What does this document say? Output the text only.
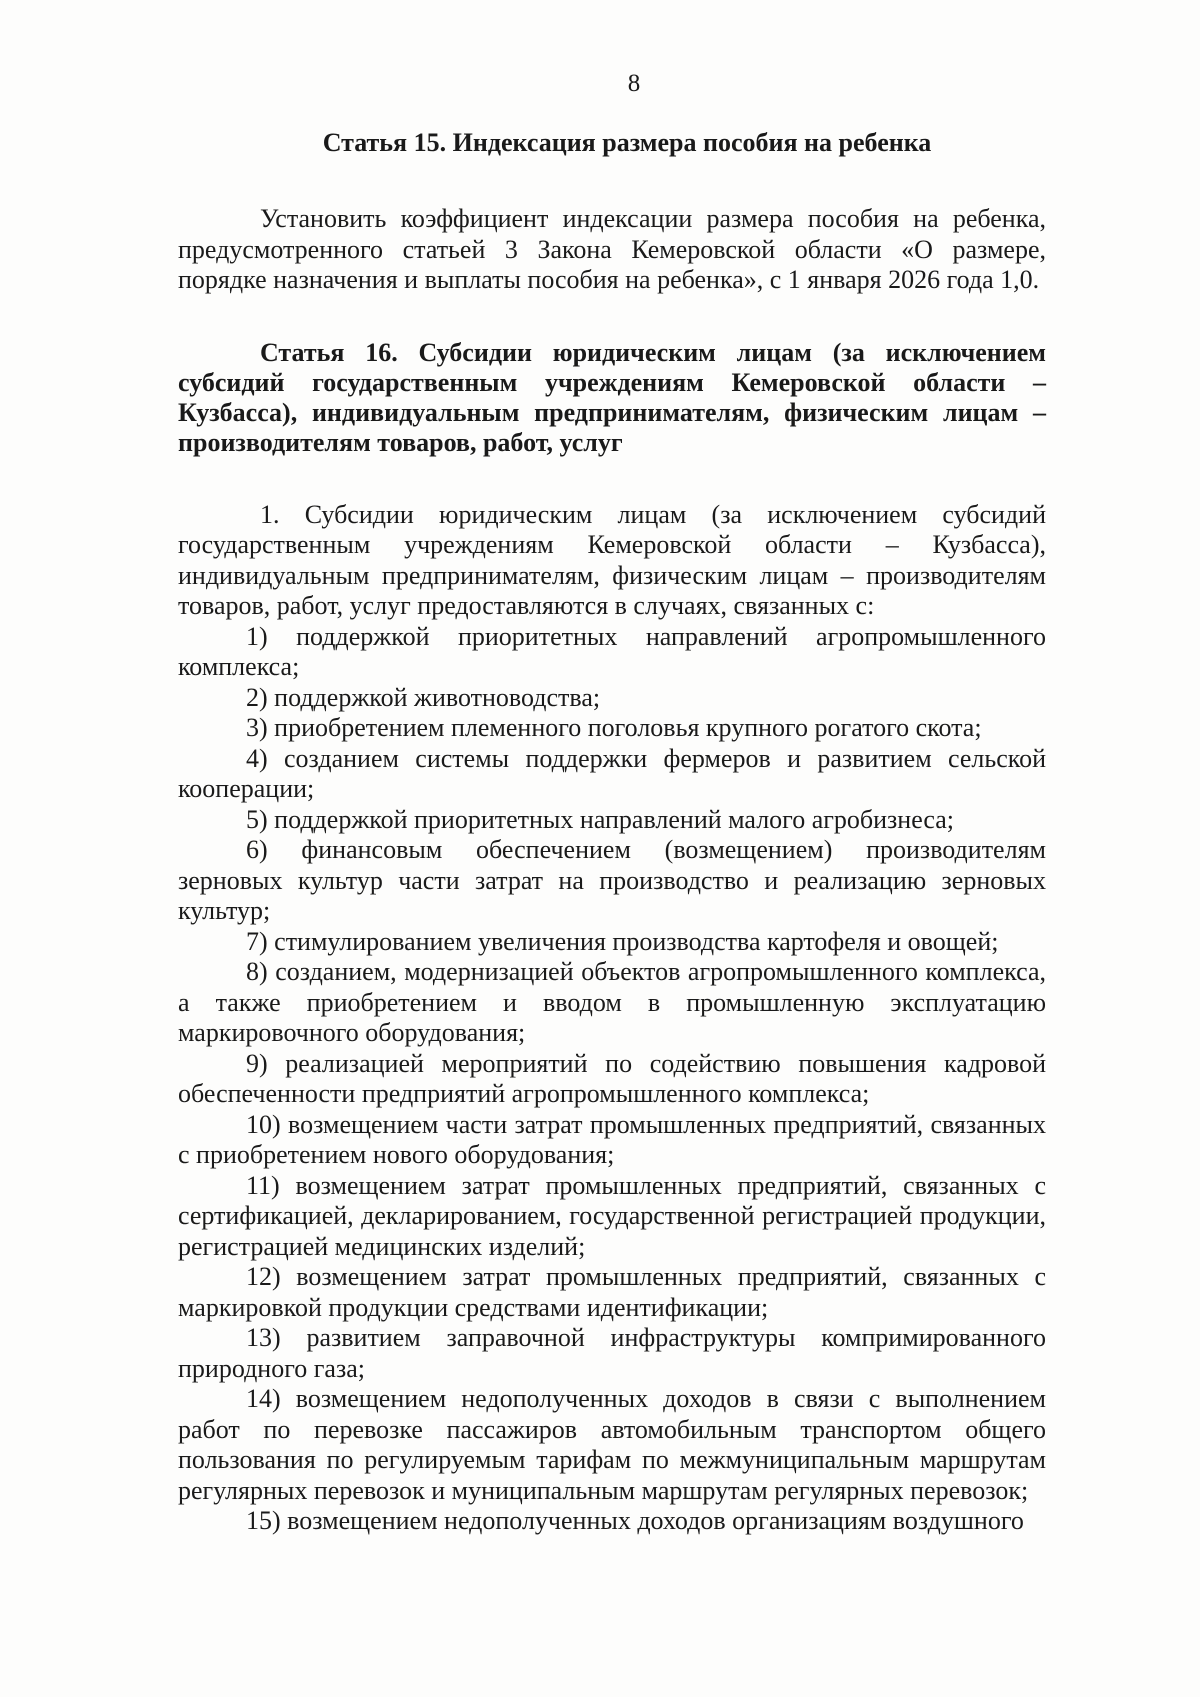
8

Статья 15. Индексация размера пособия на ребенка

Установить коэффициент индексации размера пособия на ребенка, предусмотренного статьей 3 Закона Кемеровской области «О размере, порядке назначения и выплаты пособия на ребенка», с 1 января 2026 года 1,0.

Статья 16. Субсидии юридическим лицам (за исключением субсидий государственным учреждениям Кемеровской области – Кузбасса), индивидуальным предпринимателям, физическим лицам – производителям товаров, работ, услуг

1. Субсидии юридическим лицам (за исключением субсидий государственным учреждениям Кемеровской области – Кузбасса), индивидуальным предпринимателям, физическим лицам – производителям товаров, работ, услуг предоставляются в случаях, связанных с:

1) поддержкой приоритетных направлений агропромышленного комплекса;

2) поддержкой животноводства;

3) приобретением племенного поголовья крупного рогатого скота;

4) созданием системы поддержки фермеров и развитием сельской кооперации;

5) поддержкой приоритетных направлений малого агробизнеса;

6) финансовым обеспечением (возмещением) производителям зерновых культур части затрат на производство и реализацию зерновых культур;

7) стимулированием увеличения производства картофеля и овощей;

8) созданием, модернизацией объектов агропромышленного комплекса, а также приобретением и вводом в промышленную эксплуатацию маркировочного оборудования;

9) реализацией мероприятий по содействию повышения кадровой обеспеченности предприятий агропромышленного комплекса;

10) возмещением части затрат промышленных предприятий, связанных с приобретением нового оборудования;

11) возмещением затрат промышленных предприятий, связанных с сертификацией, декларированием, государственной регистрацией продукции, регистрацией медицинских изделий;

12) возмещением затрат промышленных предприятий, связанных с маркировкой продукции средствами идентификации;

13) развитием заправочной инфраструктуры компримированного природного газа;

14) возмещением недополученных доходов в связи с выполнением работ по перевозке пассажиров автомобильным транспортом общего пользования по регулируемым тарифам по межмуниципальным маршрутам регулярных перевозок и муниципальным маршрутам регулярных перевозок;

15) возмещением недополученных доходов организациям воздушного
